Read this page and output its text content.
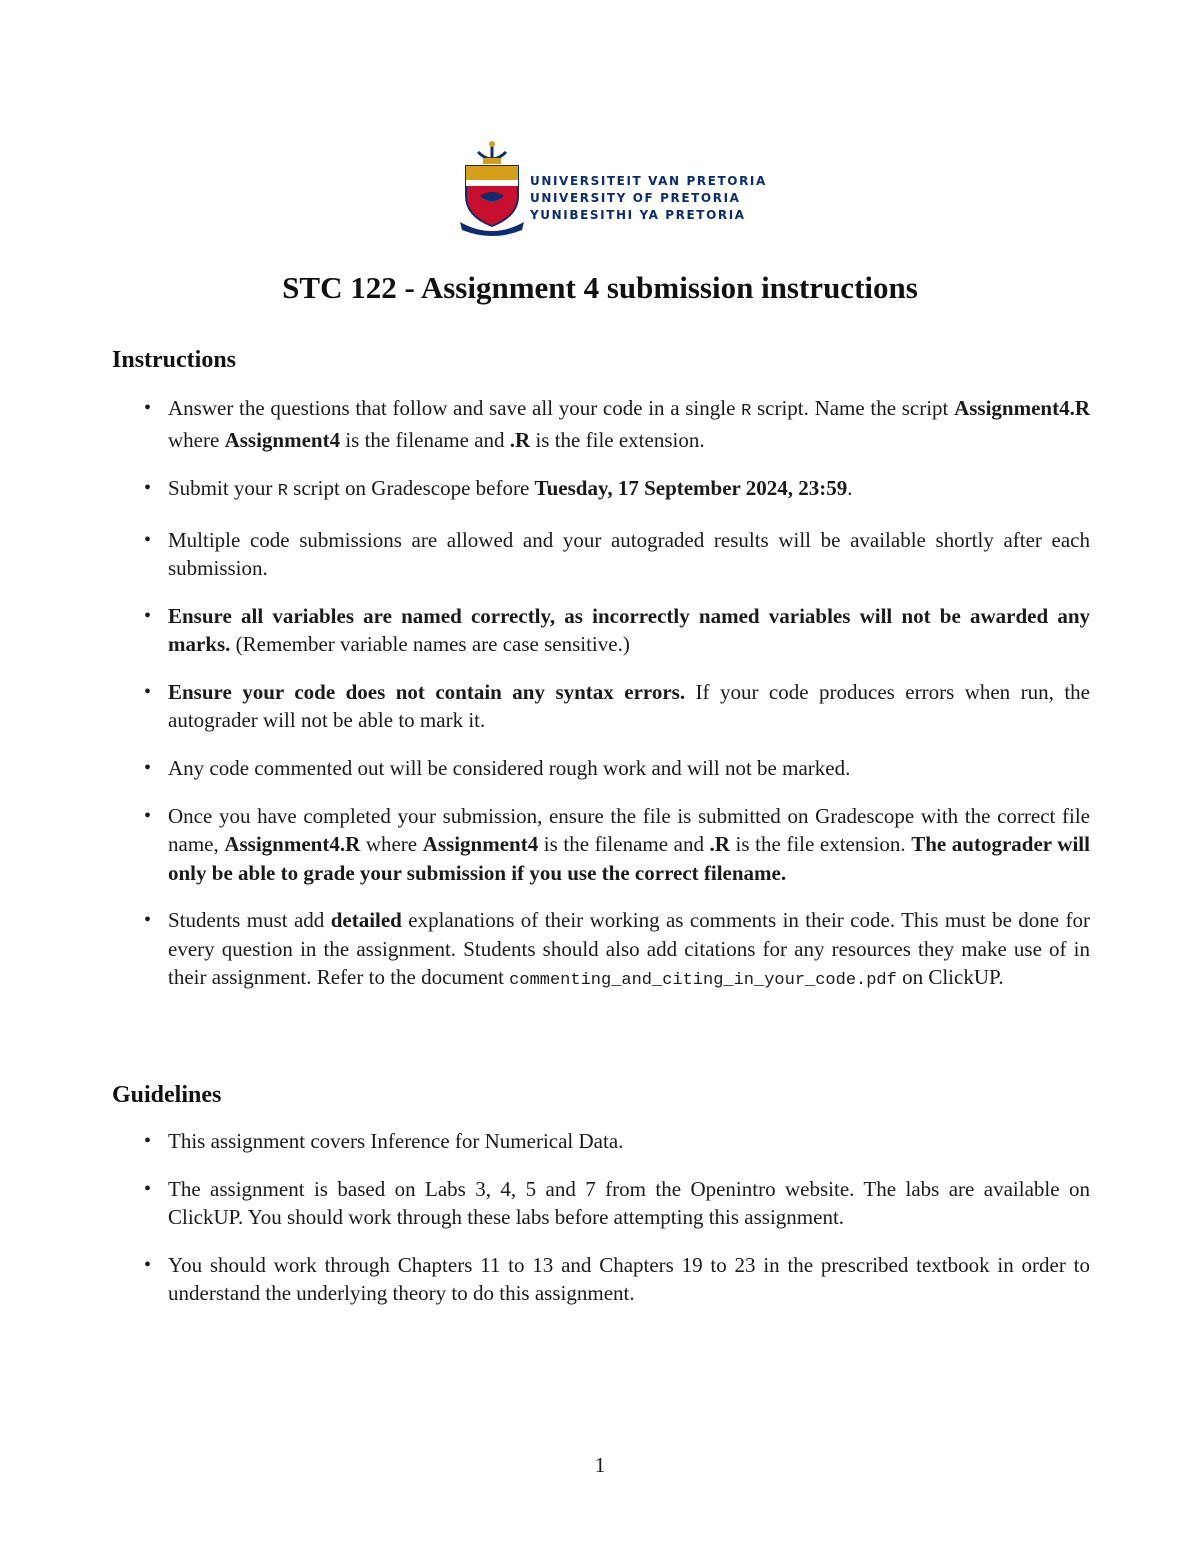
UNIVERSITEIT VAN PRETORIA
UNIVERSITY OF PRETORIA
YUNIBESITHI YA PRETORIA
STC 122 - Assignment 4 submission instructions
Instructions
• Answer the questions that follow and save all your code in a single R script. Name the script Assignment4.R where Assignment4 is the filename and .R is the file extension.
• Submit your R script on Gradescope before Tuesday, 17 September 2024, 23:59.
• Multiple code submissions are allowed and your autograded results will be available shortly after each submission.
• Ensure all variables are named correctly, as incorrectly named variables will not be awarded any marks. (Remember variable names are case sensitive.)
• Ensure your code does not contain any syntax errors. If your code produces errors when run, the autograder will not be able to mark it.
• Any code commented out will be considered rough work and will not be marked.
• Once you have completed your submission, ensure the file is submitted on Gradescope with the correct file name, Assignment4.R where Assignment4 is the filename and .R is the file extension. The autograder will only be able to grade your submission if you use the correct filename.
• Students must add detailed explanations of their working as comments in their code. This must be done for every question in the assignment. Students should also add citations for any resources they make use of in their assignment. Refer to the document commenting_and_citing_in_your_code.pdf on ClickUP.
Guidelines
• This assignment covers Inference for Numerical Data.
• The assignment is based on Labs 3, 4, 5 and 7 from the Openintro website. The labs are available on ClickUP. You should work through these labs before attempting this assignment.
• You should work through Chapters 11 to 13 and Chapters 19 to 23 in the prescribed textbook in order to understand the underlying theory to do this assignment.
1
